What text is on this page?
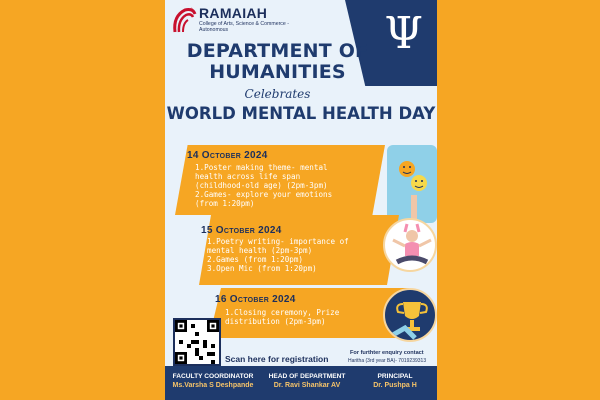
* RAMAIAH
College of Arts, Science & Commerce - Autonomous	Ψ
DEPARTMENT OF HUMANITIES
Celebrates
WORLD MENTAL HEALTH DAY
14 October 2024
1.Poster making theme- mental
health across life span
(childhood-old age) (2pm-3pm)
2.Games- explore your emotions
(from 1:20pm)
15 October 2024
1.Poetry writing- importance of
mental health (2pm-3pm)
2.Games (from 1:20pm)
3.Open Mic (from 1:20pm)
16 October 2024
1.Closing ceremony, Prize
distribution (2pm-3pm)
Scan here for registration
For furthter enquiry contact
Haritha (3rd year BA)- 7019239313
FACULTY COORDINATOR
Ms.Varsha S Deshpande
HEAD OF DEPARTMENT
Dr. Ravi Shankar AV
PRINCIPAL
Dr. Pushpa H
